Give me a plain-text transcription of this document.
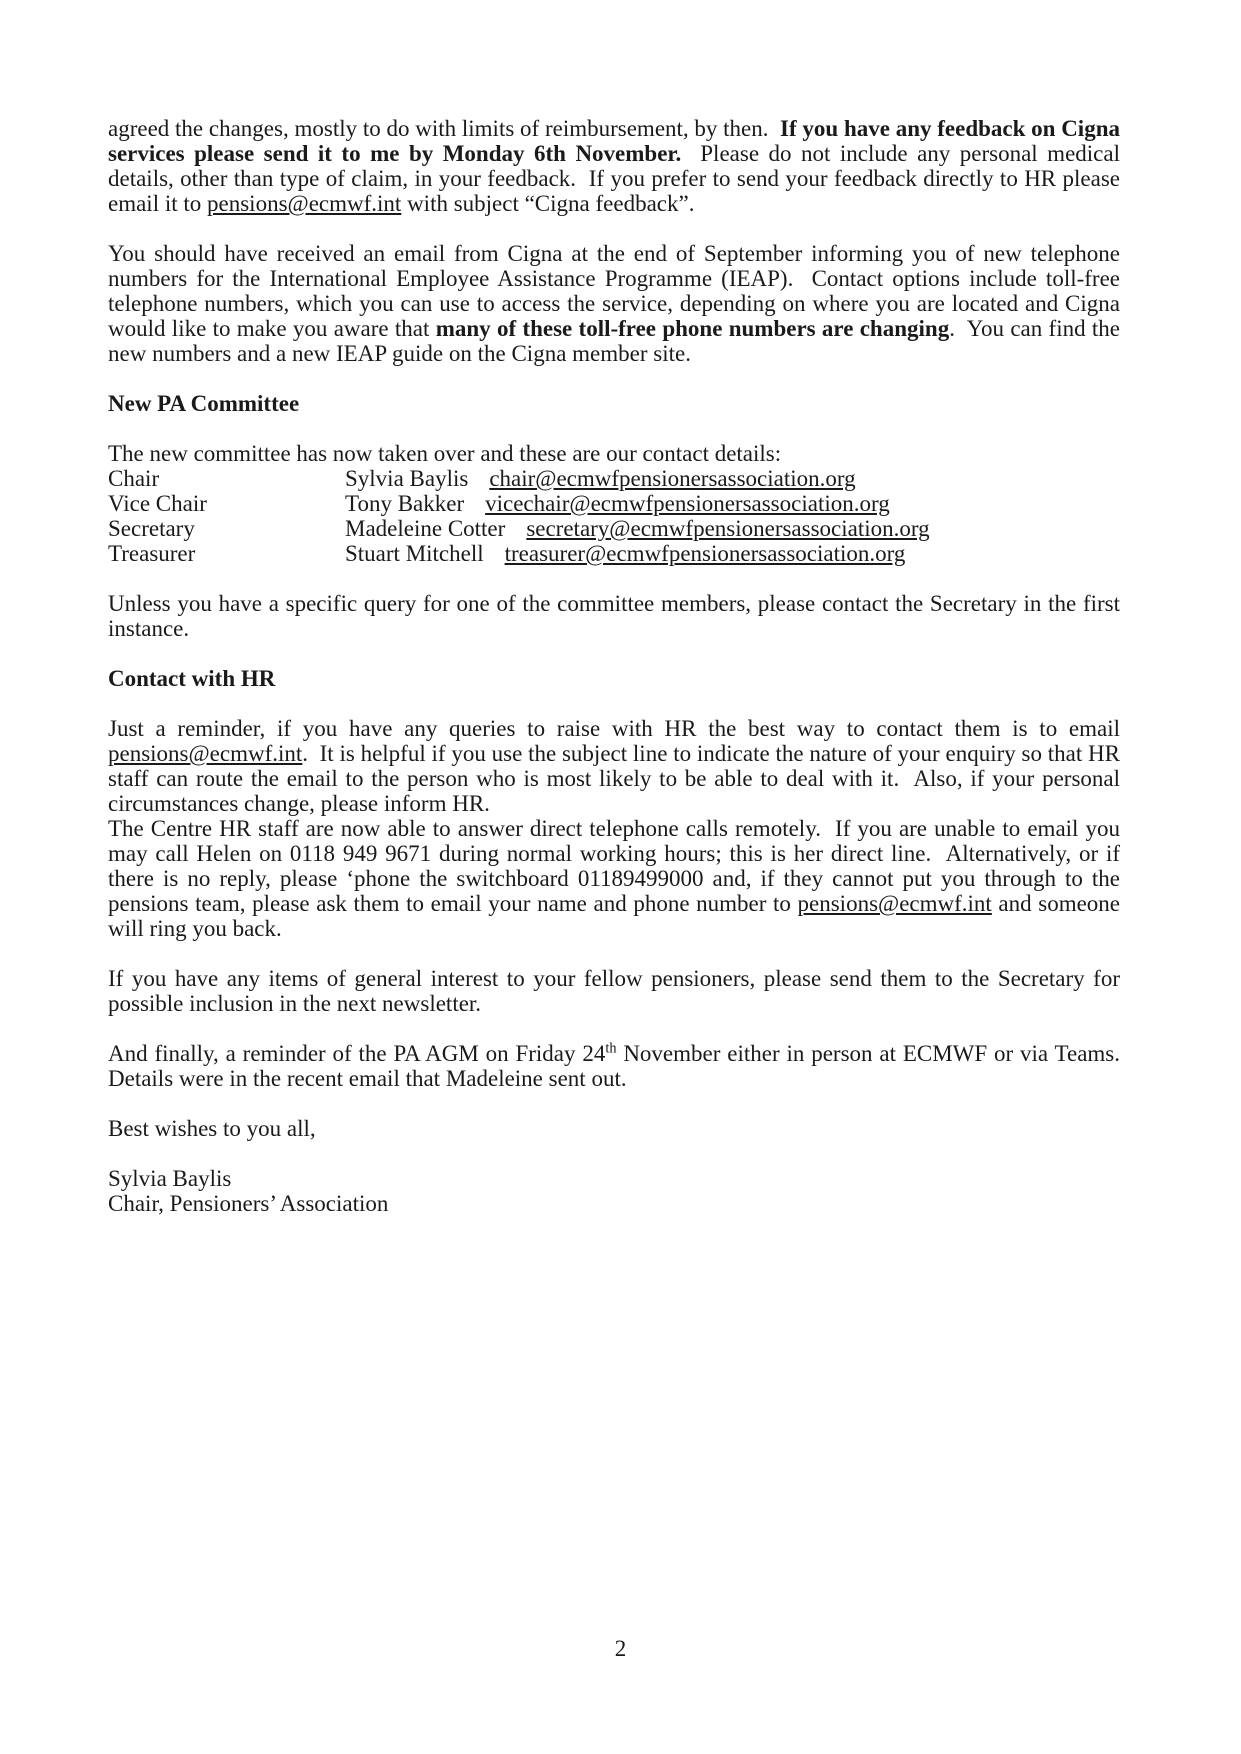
agreed the changes, mostly to do with limits of reimbursement, by then.  If you have any feedback on Cigna services please send it to me by Monday 6th November.  Please do not include any personal medical details, other than type of claim, in your feedback.  If you prefer to send your feedback directly to HR please email it to pensions@ecmwf.int with subject “Cigna feedback”.

You should have received an email from Cigna at the end of September informing you of new telephone numbers for the International Employee Assistance Programme (IEAP).  Contact options include toll-free telephone numbers, which you can use to access the service, depending on where you are located and Cigna would like to make you aware that many of these toll-free phone numbers are changing.  You can find the new numbers and a new IEAP guide on the Cigna member site.

New PA Committee

The new committee has now taken over and these are our contact details:

Chair	Sylvia Baylis chair@ecmwfpensionersassociation.org
Vice Chair	Tony Bakker vicechair@ecmwfpensionersassociation.org
Secretary	Madeleine Cotter secretary@ecmwfpensionersassociation.org
Treasurer	Stuart Mitchell treasurer@ecmwfpensionersassociation.org

Unless you have a specific query for one of the committee members, please contact the Secretary in the first instance.

Contact with HR

Just a reminder, if you have any queries to raise with HR the best way to contact them is to email pensions@ecmwf.int.  It is helpful if you use the subject line to indicate the nature of your enquiry so that HR staff can route the email to the person who is most likely to be able to deal with it.  Also, if your personal circumstances change, please inform HR.

The Centre HR staff are now able to answer direct telephone calls remotely.  If you are unable to email you may call Helen on 0118 949 9671 during normal working hours; this is her direct line.  Alternatively, or if there is no reply, please ‘phone the switchboard 01189499000 and, if they cannot put you through to the pensions team, please ask them to email your name and phone number to pensions@ecmwf.int and someone will ring you back.

If you have any items of general interest to your fellow pensioners, please send them to the Secretary for possible inclusion in the next newsletter.

And finally, a reminder of the PA AGM on Friday 24th November either in person at ECMWF or via Teams.  Details were in the recent email that Madeleine sent out.

Best wishes to you all,

Sylvia Baylis

Chair, Pensioners’ Association

2
